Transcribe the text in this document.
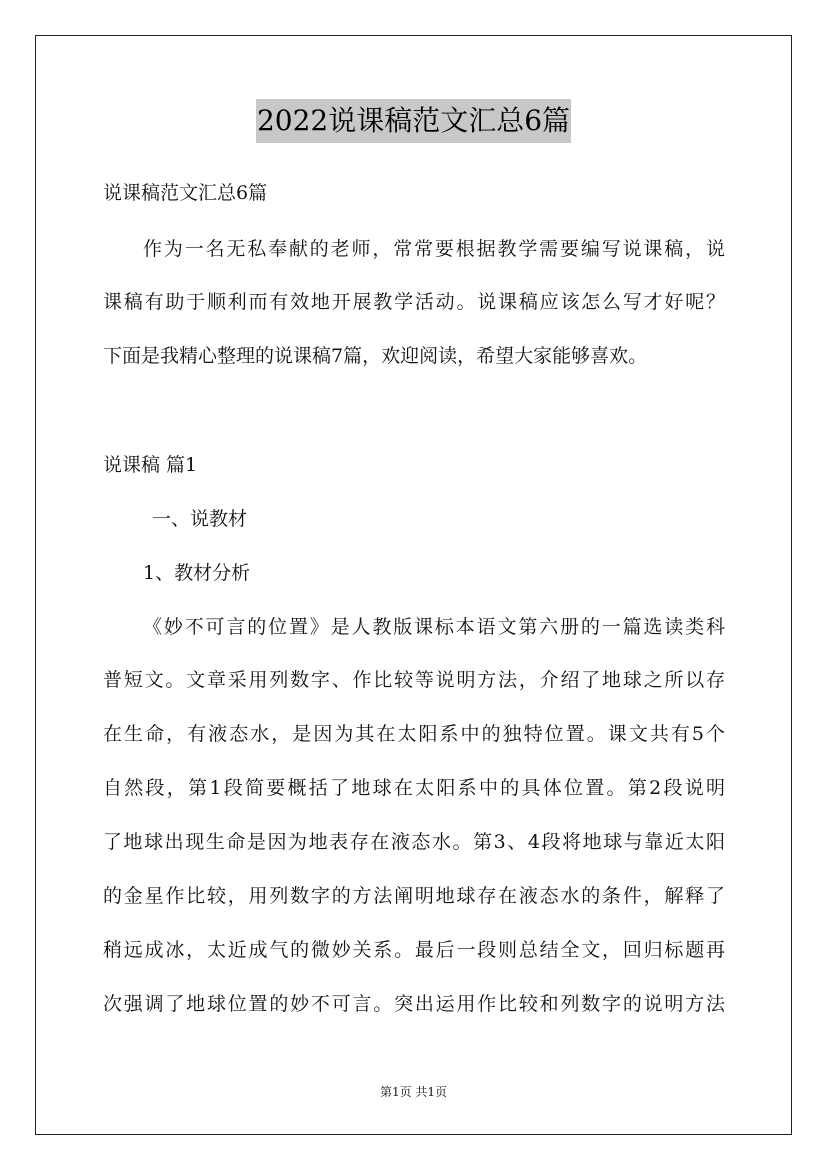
2022说课稿范文汇总6篇
说课稿范文汇总6篇
作为一名无私奉献的老师，常常要根据教学需要编写说课稿，说
课稿有助于顺利而有效地开展教学活动。说课稿应该怎么写才好呢？
下面是我精心整理的说课稿7篇，欢迎阅读，希望大家能够喜欢。
说课稿 篇1
一、说教材
1、教材分析
《妙不可言的位置》是人教版课标本语文第六册的一篇选读类科
普短文。文章采用列数字、作比较等说明方法，介绍了地球之所以存
在生命，有液态水，是因为其在太阳系中的独特位置。课文共有5个
自然段，第1段简要概括了地球在太阳系中的具体位置。第2段说明
了地球出现生命是因为地表存在液态水。第3、4段将地球与靠近太阳
的金星作比较，用列数字的方法阐明地球存在液态水的条件，解释了
稍远成冰，太近成气的微妙关系。最后一段则总结全文，回归标题再
次强调了地球位置的妙不可言。突出运用作比较和列数字的说明方法
第1页 共1页
